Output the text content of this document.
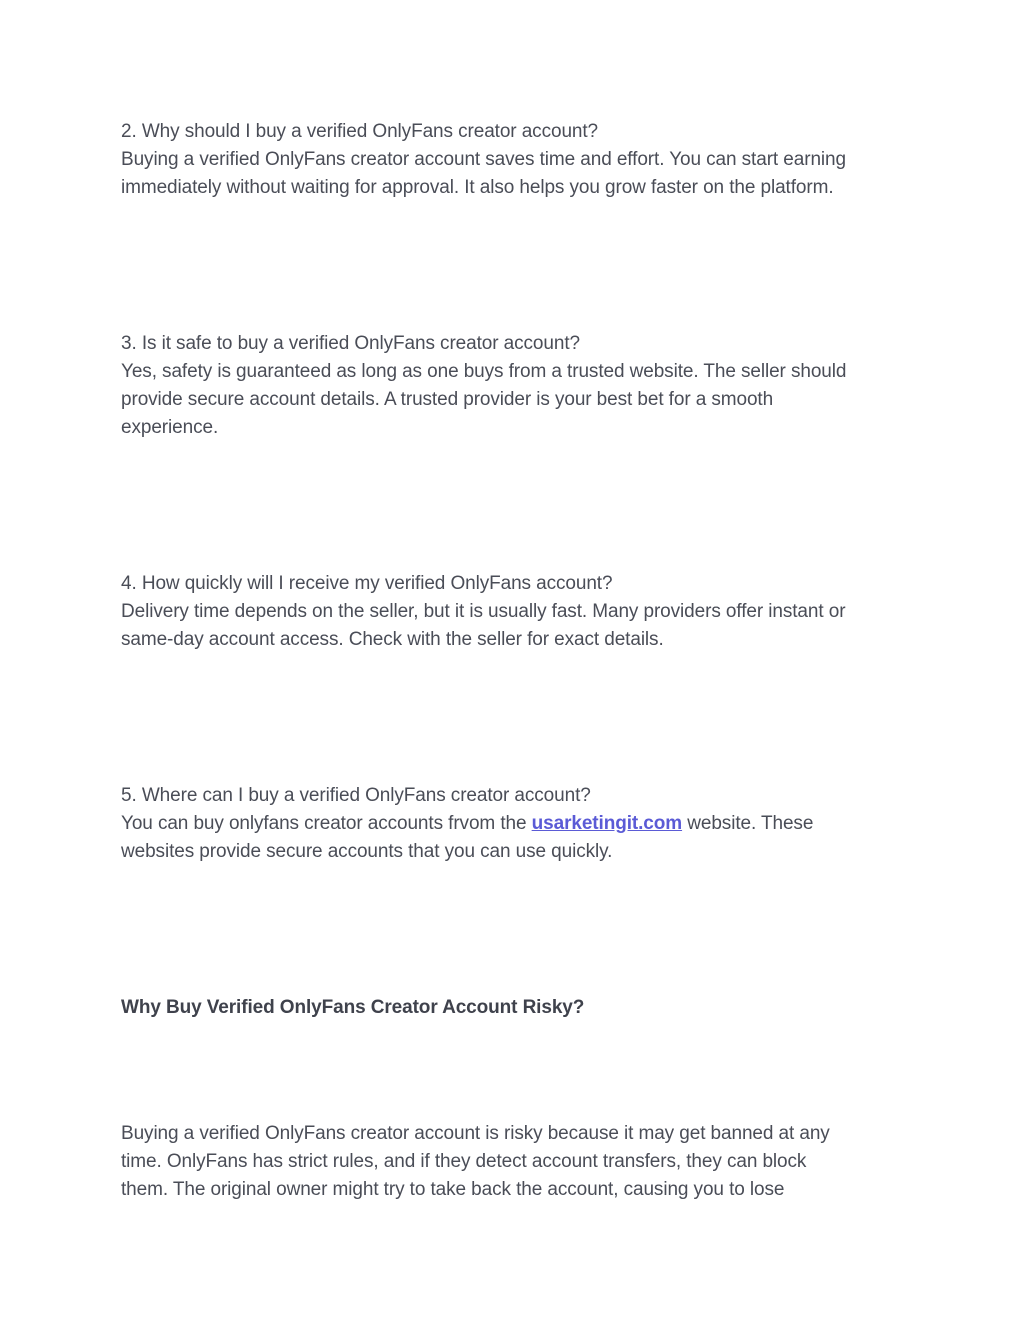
2. Why should I buy a verified OnlyFans creator account?

Buying a verified OnlyFans creator account saves time and effort. You can start earning

immediately without waiting for approval. It also helps you grow faster on the platform.

3. Is it safe to buy a verified OnlyFans creator account?

Yes, safety is guaranteed as long as one buys from a trusted website. The seller should

provide secure account details. A trusted provider is your best bet for a smooth

experience.

4. How quickly will I receive my verified OnlyFans account?

Delivery time depends on the seller, but it is usually fast. Many providers offer instant or

same-day account access. Check with the seller for exact details.

5. Where can I buy a verified OnlyFans creator account?

You can buy onlyfans creator accounts frvom the usarketingit.com website. These

websites provide secure accounts that you can use quickly.

Why Buy Verified OnlyFans Creator Account Risky?

Buying a verified OnlyFans creator account is risky because it may get banned at any

time. OnlyFans has strict rules, and if they detect account transfers, they can block

them. The original owner might try to take back the account, causing you to lose
